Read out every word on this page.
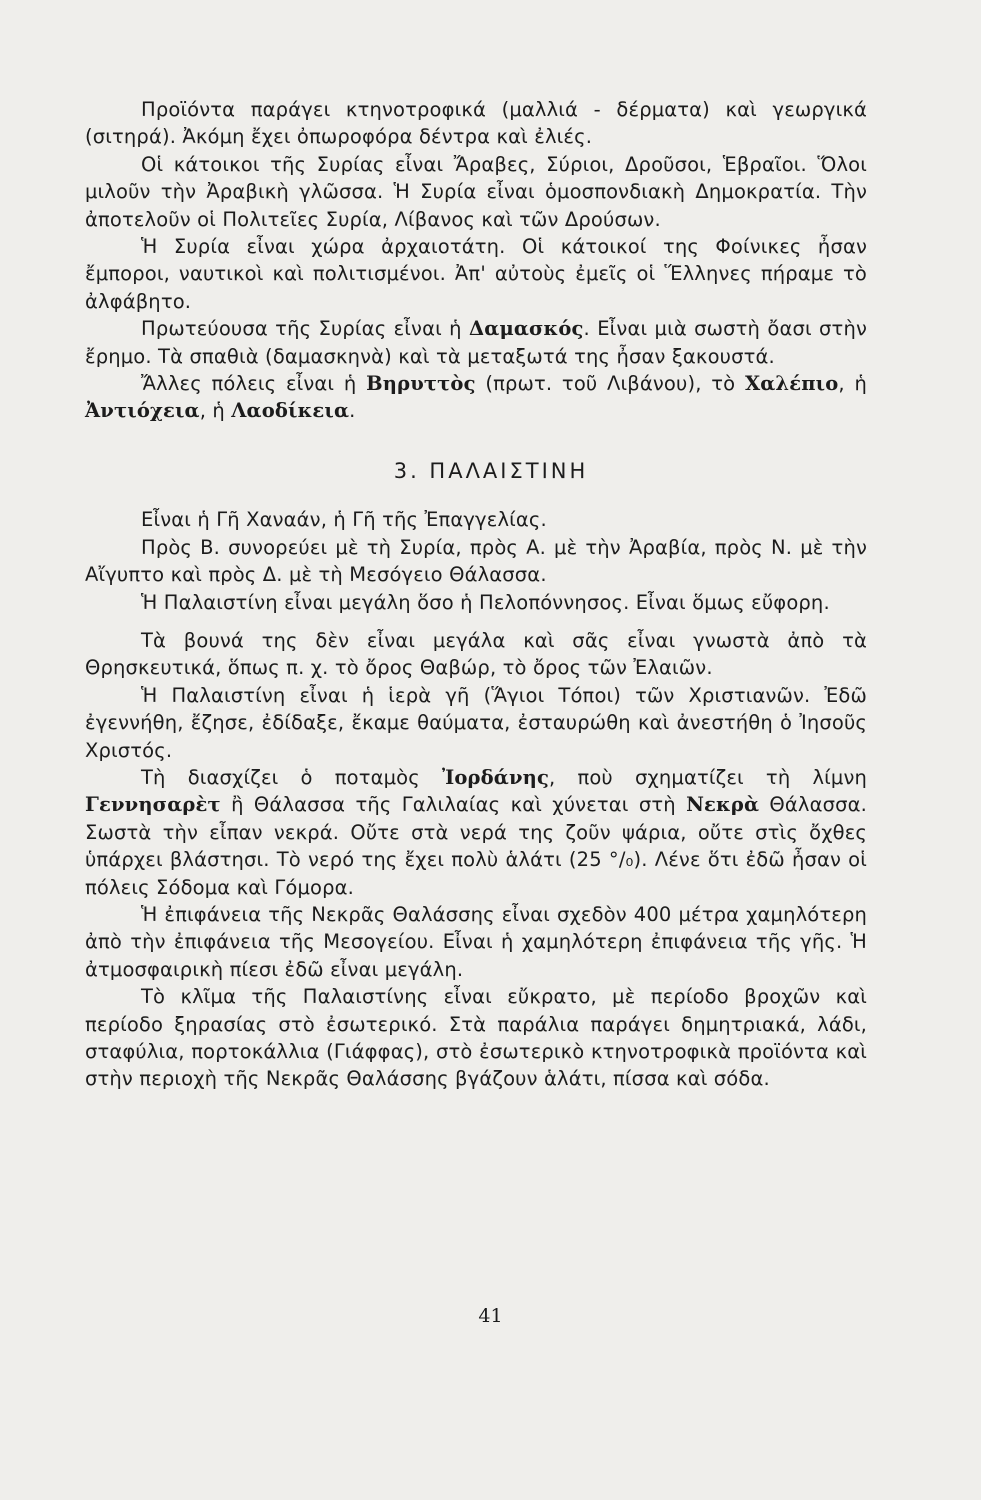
Προϊόντα παράγει κτηνοτροφικά (μαλλιά - δέρματα) καὶ γεωργικά (σιτηρά). Ἀκόμη ἔχει ὀπωροφόρα δέντρα καὶ ἐλιές.

Οἱ κάτοικοι τῆς Συρίας εἶναι Ἄραβες, Σύριοι, Δροῦσοι, Ἑβραῖοι. Ὅλοι μιλοῦν τὴν Ἀραβικὴ γλῶσσα. Ἡ Συρία εἶναι ὁμοσπονδιακὴ Δημοκρατία. Τὴν ἀποτελοῦν οἱ Πολιτεῖες Συρία, Λίβανος καὶ τῶν Δρούσων.

Ἡ Συρία εἶναι χώρα ἀρχαιοτάτη. Οἱ κάτοικοί της Φοίνικες ἦσαν ἔμποροι, ναυτικοὶ καὶ πολιτισμένοι. Ἀπ' αὐτοὺς ἐμεῖς οἱ Ἕλληνες πήραμε τὸ ἀλφάβητο.

Πρωτεύουσα τῆς Συρίας εἶναι ἡ Δαμασκός. Εἶναι μιὰ σωστὴ ὄασι στὴν ἔρημο. Τὰ σπαθιὰ (δαμασκηνὰ) καὶ τὰ μεταξωτά της ἦσαν ξακουστά.

Ἄλλες πόλεις εἶναι ἡ Βηρυττὸς (πρωτ. τοῦ Λιβάνου), τὸ Χαλέπιο, ἡ Ἀντιόχεια, ἡ Λαοδίκεια.

3. ΠΑΛΑΙΣΤΙΝΗ

Εἶναι ἡ Γῆ Χαναάν, ἡ Γῆ τῆς Ἐπαγγελίας.

Πρὸς Β. συνορεύει μὲ τὴ Συρία, πρὸς Α. μὲ τὴν Ἀραβία, πρὸς Ν. μὲ τὴν Αἴγυπτο καὶ πρὸς Δ. μὲ τὴ Μεσόγειο Θάλασσα.

Ἡ Παλαιστίνη εἶναι μεγάλη ὅσο ἡ Πελοπόννησος. Εἶναι ὅμως εὔφορη.

Τὰ βουνά της δὲν εἶναι μεγάλα καὶ σᾶς εἶναι γνωστὰ ἀπὸ τὰ Θρησκευτικά, ὅπως π. χ. τὸ ὄρος Θαβώρ, τὸ ὄρος τῶν Ἐλαιῶν.

Ἡ Παλαιστίνη εἶναι ἡ ἱερὰ γῆ (Ἅγιοι Τόποι) τῶν Χριστιανῶν. Ἐδῶ ἐγεννήθη, ἔζησε, ἐδίδαξε, ἔκαμε θαύματα, ἐσταυρώθη καὶ ἀνεστήθη ὁ Ἰησοῦς Χριστός.

Τὴ διασχίζει ὁ ποταμὸς Ἰορδάνης, ποὺ σχηματίζει τὴ λίμνη Γεννησαρὲτ ἢ Θάλασσα τῆς Γαλιλαίας καὶ χύνεται στὴ Νεκρὰ Θάλασσα. Σωστὰ τὴν εἶπαν νεκρά. Οὔτε στὰ νερά της ζοῦν ψάρια, οὔτε στὶς ὄχθες ὑπάρχει βλάστησι. Τὸ νερό της ἔχει πολὺ ἁλάτι (25 °/₀). Λένε ὅτι ἐδῶ ἦσαν οἱ πόλεις Σόδομα καὶ Γόμορα.

Ἡ ἐπιφάνεια τῆς Νεκρᾶς Θαλάσσης εἶναι σχεδὸν 400 μέτρα χαμηλότερη ἀπὸ τὴν ἐπιφάνεια τῆς Μεσογείου. Εἶναι ἡ χαμηλότερη ἐπιφάνεια τῆς γῆς. Ἡ ἀτμοσφαιρικὴ πίεσι ἐδῶ εἶναι μεγάλη.

Τὸ κλῖμα τῆς Παλαιστίνης εἶναι εὔκρατο, μὲ περίοδο βροχῶν καὶ περίοδο ξηρασίας στὸ ἐσωτερικό. Στὰ παράλια παράγει δημητριακά, λάδι, σταφύλια, πορτοκάλλια (Γιάφφας), στὸ ἐσωτερικὸ κτηνοτροφικὰ προϊόντα καὶ στὴν περιοχὴ τῆς Νεκρᾶς Θαλάσσης βγάζουν ἁλάτι, πίσσα καὶ σόδα.

41
